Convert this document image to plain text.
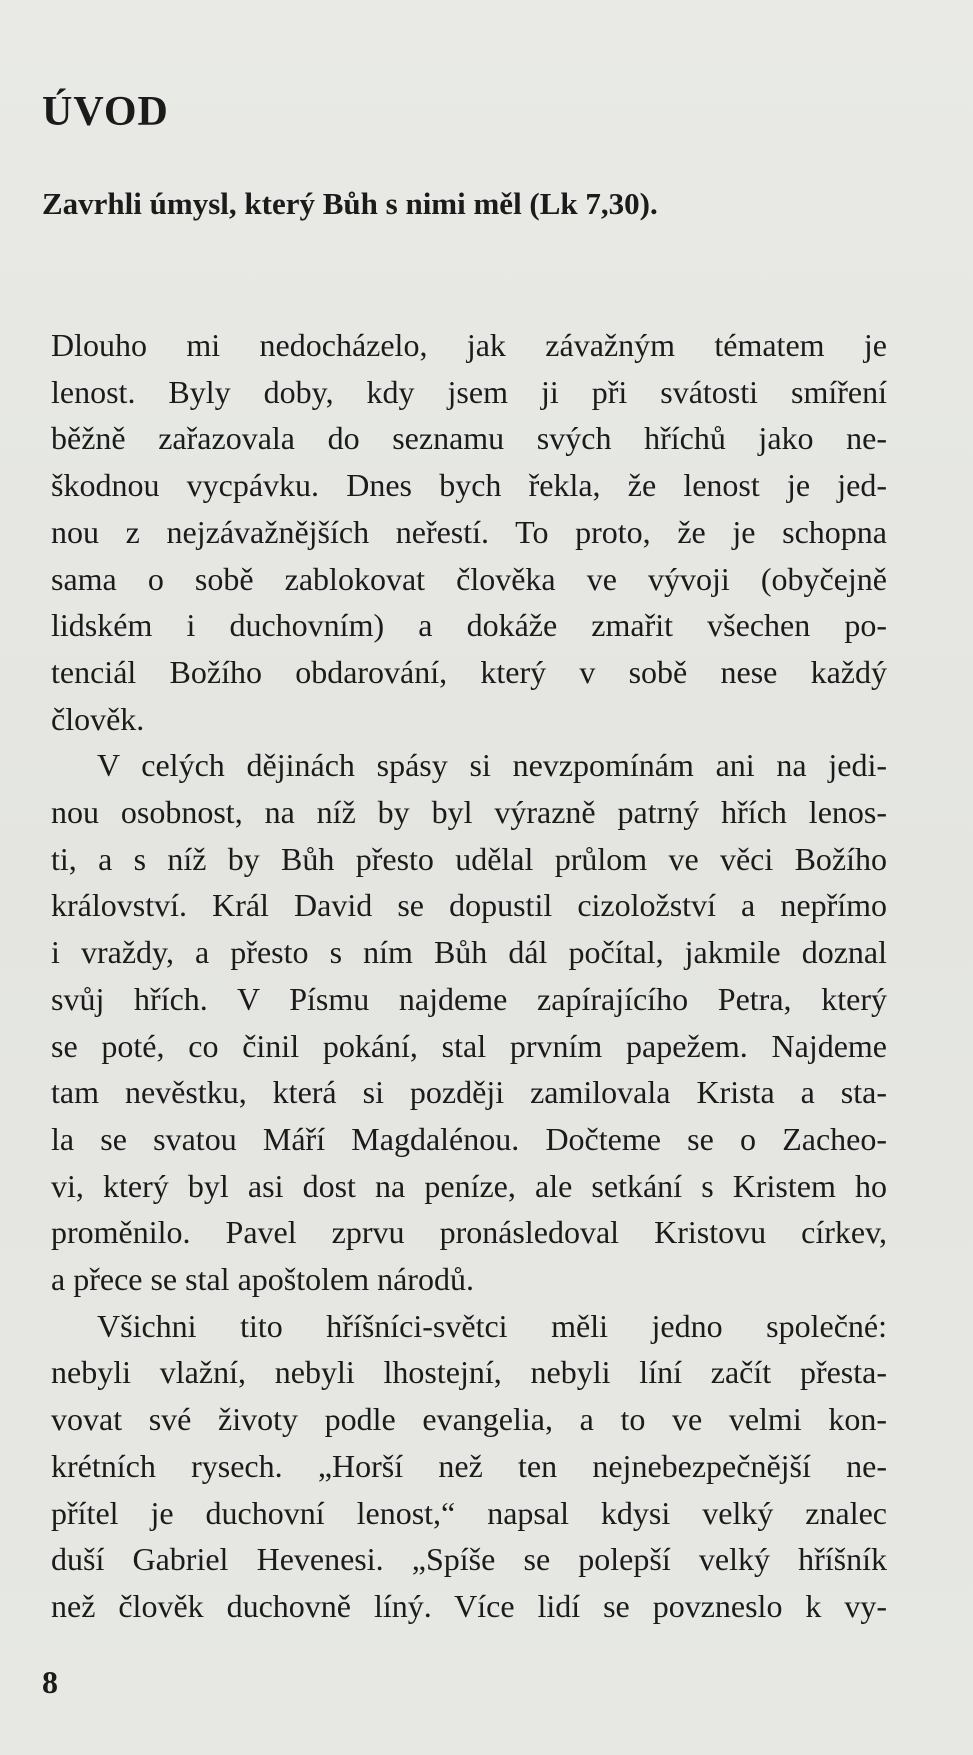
ÚVOD

Zavrhli úmysl, který Bůh s nimi měl (Lk 7,30).

Dlouho mi nedocházelo, jak závažným tématem je
lenost. Byly doby, kdy jsem ji při svátosti smíření
běžně zařazovala do seznamu svých hříchů jako ne-
škodnou vycpávku. Dnes bych řekla, že lenost je jed-
nou z nejzávažnějších neřestí. To proto, že je schopna
sama o sobě zablokovat člověka ve vývoji (obyčejně
lidském i duchovním) a dokáže zmařit všechen po-
tenciál Božího obdarování, který v sobě nese každý
člověk.
V celých dějinách spásy si nevzpomínám ani na jedi-
nou osobnost, na níž by byl výrazně patrný hřích lenos-
ti, a s níž by Bůh přesto udělal průlom ve věci Božího
království. Král David se dopustil cizoložství a nepřímo
i vraždy, a přesto s ním Bůh dál počítal, jakmile doznal
svůj hřích. V Písmu najdeme zapírajícího Petra, který
se poté, co činil pokání, stal prvním papežem. Najdeme
tam nevěstku, která si později zamilovala Krista a sta-
la se svatou Máří Magdalénou. Dočteme se o Zacheo-
vi, který byl asi dost na peníze, ale setkání s Kristem ho
proměnilo. Pavel zprvu pronásledoval Kristovu církev,
a přece se stal apoštolem národů.
Všichni tito hříšníci-světci měli jedno společné:
nebyli vlažní, nebyli lhostejní, nebyli líní začít přesta-
vovat své životy podle evangelia, a to ve velmi kon-
krétních rysech. „Horší než ten nejnebezpečnější ne-
přítel je duchovní lenost,“ napsal kdysi velký znalec
duší Gabriel Hevenesi. „Spíše se polepší velký hříšník
než člověk duchovně líný. Více lidí se povzneslo k vy-
8
